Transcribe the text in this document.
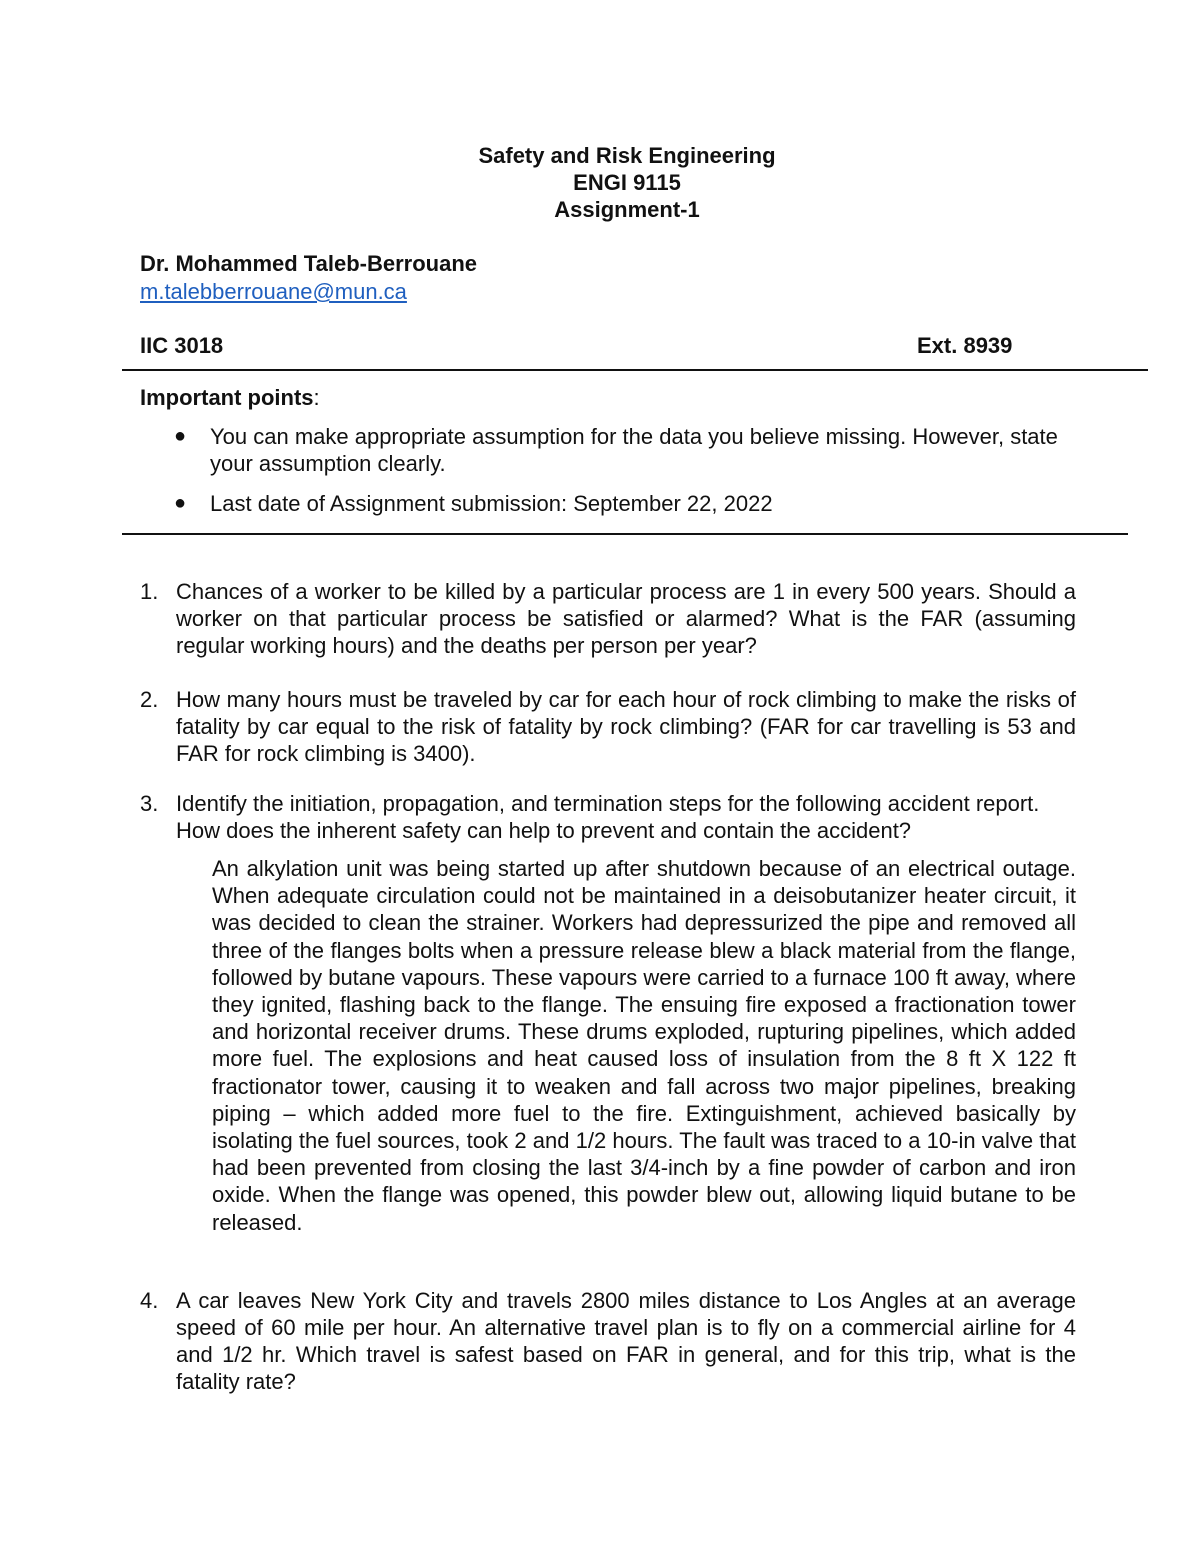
Safety and Risk Engineering
ENGI 9115
Assignment-1
Dr. Mohammed Taleb-Berrouane
m.talebberrouane@mun.ca
IIC 3018	Ext. 8939
Important points:
● You can make appropriate assumption for the data you believe missing. However, state your assumption clearly.
● Last date of Assignment submission: September 22, 2022
1. Chances of a worker to be killed by a particular process are 1 in every 500 years. Should a worker on that particular process be satisfied or alarmed? What is the FAR (assuming regular working hours) and the deaths per person per year?
2. How many hours must be traveled by car for each hour of rock climbing to make the risks of fatality by car equal to the risk of fatality by rock climbing? (FAR for car travelling is 53 and FAR for rock climbing is 3400).
3. Identify the initiation, propagation, and termination steps for the following accident report. How does the inherent safety can help to prevent and contain the accident?
An alkylation unit was being started up after shutdown because of an electrical outage. When adequate circulation could not be maintained in a deisobutanizer heater circuit, it was decided to clean the strainer. Workers had depressurized the pipe and removed all three of the flanges bolts when a pressure release blew a black material from the flange, followed by butane vapours. These vapours were carried to a furnace 100 ft away, where they ignited, flashing back to the flange. The ensuing fire exposed a fractionation tower and horizontal receiver drums. These drums exploded, rupturing pipelines, which added more fuel. The explosions and heat caused loss of insulation from the 8 ft X 122 ft fractionator tower, causing it to weaken and fall across two major pipelines, breaking piping – which added more fuel to the fire. Extinguishment, achieved basically by isolating the fuel sources, took 2 and 1/2 hours. The fault was traced to a 10-in valve that had been prevented from closing the last 3/4-inch by a fine powder of carbon and iron oxide. When the flange was opened, this powder blew out, allowing liquid butane to be released.
4. A car leaves New York City and travels 2800 miles distance to Los Angles at an average speed of 60 mile per hour. An alternative travel plan is to fly on a commercial airline for 4 and 1/2 hr. Which travel is safest based on FAR in general, and for this trip, what is the fatality rate?
